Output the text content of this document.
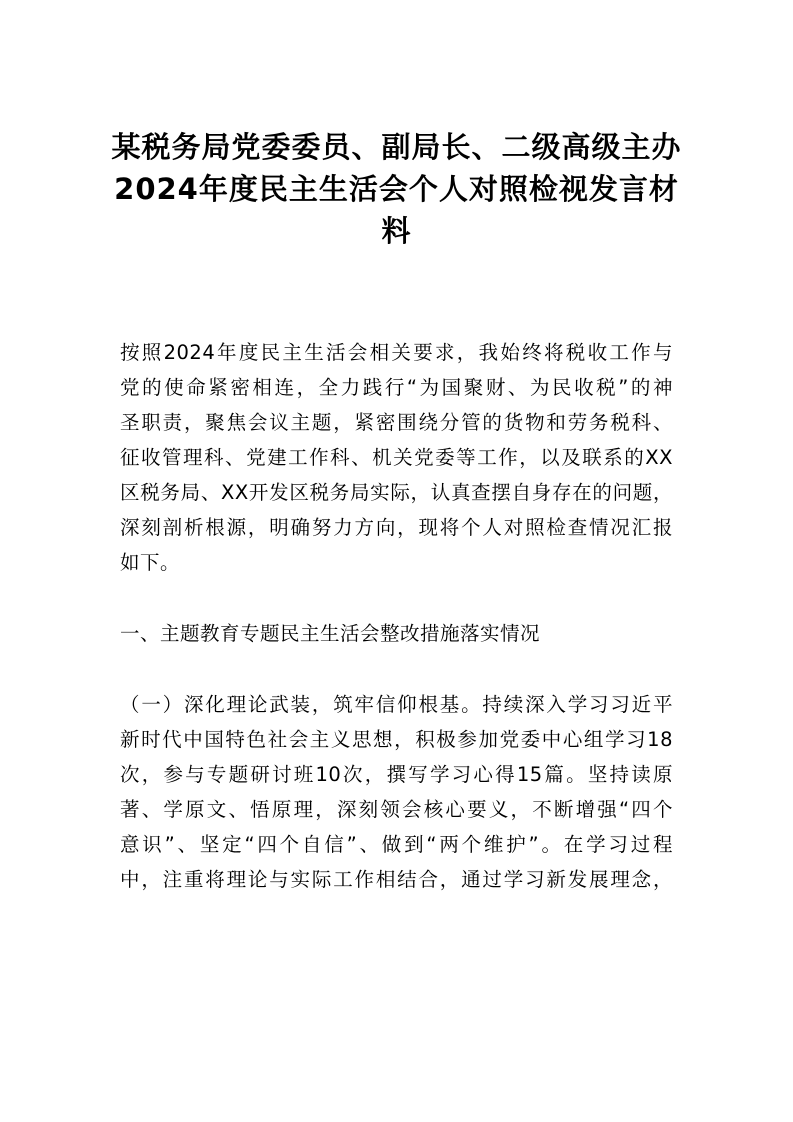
某税务局党委委员、副局长、二级高级主办
2024年度民主生活会个人对照检视发言材
料
按照2024年度民主生活会相关要求，我始终将税收工作与
党的使命紧密相连，全力践行“为国聚财、为民收税”的神
圣职责，聚焦会议主题，紧密围绕分管的货物和劳务税科、
征收管理科、党建工作科、机关党委等工作，以及联系的XX
区税务局、XX开发区税务局实际，认真查摆自身存在的问题，
深刻剖析根源，明确努力方向，现将个人对照检查情况汇报
如下。
一、主题教育专题民主生活会整改措施落实情况
（一）深化理论武装，筑牢信仰根基。持续深入学习习近平
新时代中国特色社会主义思想，积极参加党委中心组学习18
次，参与专题研讨班10次，撰写学习心得15篇。坚持读原
著、学原文、悟原理，深刻领会核心要义，不断增强“四个
意识”、坚定“四个自信”、做到“两个维护”。在学习过程
中，注重将理论与实际工作相结合，通过学习新发展理念，
